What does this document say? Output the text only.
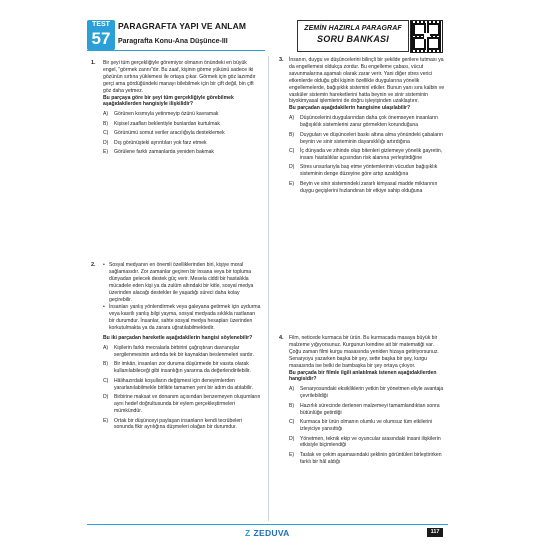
TEST
57
PARAGRAFTA YAPI VE ANLAM
Paragrafta Konu-Ana Düşünce-III
ZEMİN HAZIRLA PARAGRAF
SORU BANKASI
1. Bir şeyi tüm gerçekliğiyle göremiyor olmanın önündeki en büyük engel, "görmek zannı"dır. Bu zaaf, kişinin görme yükünü sadece iki gözünün sırtına yüklemesi ile ortaya çıkar. Görmek için göz lazımdır gerçi ama gördüğündeki manayı bilebilmek için bir çift değil, bin çift göz daha yetmez.

Bu parçaya göre bir şeyi tüm gerçekliğiyle görebilmek aşağıdakilerden hangisiyle ilişkilidir?

A)	Görünen kısmıyla yetinmeyip özünü kavramak
B)	Kişisel zaafları beklentiyle bunlardan kurtulmak
C)	Görünümü somut veriler aracılığıyla desteklemek
D)	Dış görünüşteki ayrıntıları yok farz etmek
E)	Görülene farklı zamanlarda yeniden bakmak
2. • Sosyal medyanın en önemli özelliklerinden biri, kişiye moral sağlamasıdır. Zor zamanlar geçiren bir insana veya bir topluma dünyadan gelecek destek güç verir. Mesela ciddi bir hastalıkla mücadele eden kişi ya da zulüm altındaki bir kitle, sosyal medya üzerinden alacağı destekler ile yaşadığı süreci daha kolay geçirebilir.
• İnsanları yanlış yönlendirmek veya galeyana getirmek için uydurma veya kasıtlı yanlış bilgi yayma, sosyal medyada sıklıkla rastlanan bir durumdur. İnsanlar, sahte sosyal medya hesapları üzerinden korkutulmakta ya da zarara uğratılabilmektedir.

Bu iki parçadan hareketle aşağıdakilerin hangisi söylenebilir?

A)	Kişilerin farklı mecralarla birbirini çağrıştıran davranışlar sergilenmesinin ardında tek bir kaynaktan beslenmeleri vardır.
B)	Bir imkân, insanları zor duruma düşürmede bir vasıta olarak kullanılabileceği gibi insanlığın yararına da değerlendirilebilir.
C)	Hâlihazırdaki koşulların değişmesi için deneyimlerden yararlanılabilmekle birlikte tamamen yeni bir adım da atılabilir.
D)	Birbirine maksat ve donanım açısından benzemeyen oluşumların aynı hedef doğrultusunda bir eylem gerçekleştirmeleri mümkündür.
E)	Ortak bir düşünceyi paylaşan insanların kendi tecrübeleri sonunda fikir ayrılığına düşmeleri olağan bir durumdur.
3. İnsanın, duygu ve düşüncelerini bilinçli bir şekilde gerilere tutması ya da engellemesi oldukça zordur. Bu engelleme çabası, vücut savunmalarına aşamalı olarak zarar verir. Yani diğer stres verici etkenlerde olduğu gibi kişinin özellikle duygularına yönelik engellemelerde, bağışıklık sistemini etkiler. Bunun yanı sıra kalbin ve vasküler sistemin hareketlerini hatta beynin ve sinir sisteminin biyokimyasal işlemlerini de doğru işleyişinden uzaklaştırır.

Bu parçadan aşağıdakilerin hangisine ulaşılabilir?

A)	Düşüncelerini duygularından daha çok önemseyen insanların bağışıklık sistemlerini zarar görmekten korunduğuna
B)	Duyguları ve düşünceleri baskı altına alma yönündeki çabaların beynin ve sinir sisteminin dayanıklılığı artırdığına
C)	İç dünyada ve zihinde olup bitenleri gizlemeye yönelik gayretin, insanı hastalıklar açısından risk alanına yerleştirdiğine
D)	Stres unsurlarıyla baş etme yöntemlerinin vücudun bağışıklık sisteminin denge düzeyine göre artıp azaldığına
E)	Beyin ve sinir sistemindeki zararlı kimyasal madde miktarının duygu geçişlerini hızlandıran bir etkiye sahip olduğuna
4. Film, neticede kurmaca bir ürün. Bu kurmacada masaya büyük bir malzeme yığıyorsunuz. Kurgunun kendine ait bir matematiği var. Çoğu zaman filmi kurgu masasında yeniden hizaya getiriyorsunuz. Senaryoyu yazarken başka bir şey, sette başka bir şey, kurgu masasında ise belki de bambaşka bir şey ortaya çıkıyor.

Bu parçada bir filmle ilgili anlatılmak istenen aşağıdakilerden hangisidir?

A)	Senaryosundaki eksikliklerin yetkin bir yönetmen eliyle avantaja çevrilebildiği
B)	Hazırlık sürecinde derlenen malzemeyi tamamlandıktan sonra bütünlüğe getirdiği
C)	Kurmaca bir ürün olmanın olumlu ve olumsuz tüm etkilerini izleyiciye yansıttığı
D)	Yönetmen, teknik ekip ve oyuncular arasındaki insani ilişkilerin etkisiyle biçimlendiği
E)	Taslak ve çekim aşamasındaki şeklinin görüntüleri birleştirirken farklı bir hâl aldığı
Z ZEDUVA	117
